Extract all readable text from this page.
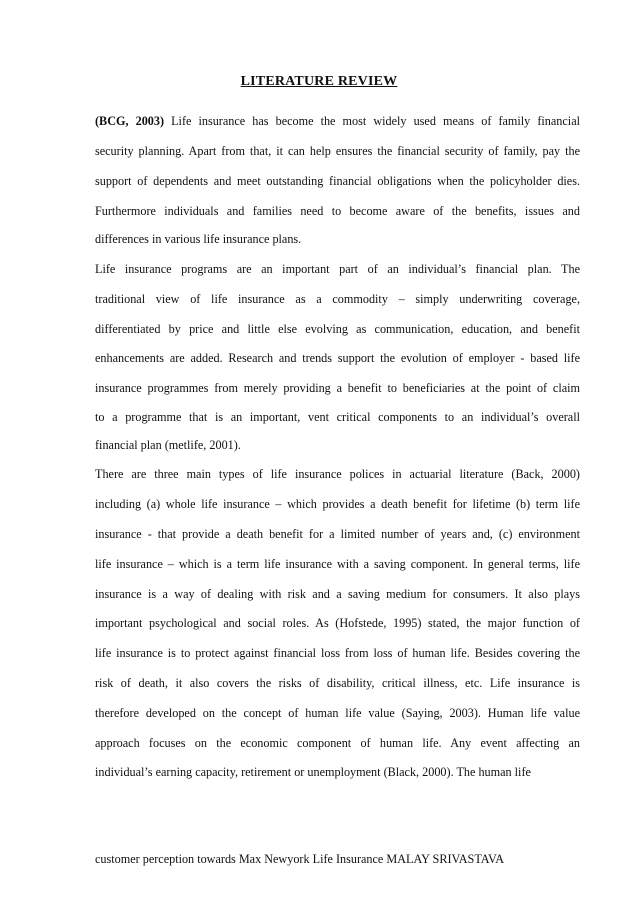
LITERATURE REVIEW
(BCG, 2003) Life insurance has become the most widely used means of family financial
security planning. Apart from that, it can help ensures the financial security of family, pay the
support of dependents and meet outstanding financial obligations when the policyholder dies.
Furthermore individuals and families need to become aware of the benefits, issues and
differences in various life insurance plans.
Life insurance programs are an important part of an individual’s financial plan. The
traditional view of life insurance as a commodity – simply underwriting coverage,
differentiated by price and little else evolving as communication, education, and benefit
enhancements are added. Research and trends support the evolution of employer - based life
insurance programmes from merely providing a benefit to beneficiaries at the point of claim
to a programme that is an important, vent critical components to an individual’s overall
financial plan (metlife, 2001).
There are three main types of life insurance polices in actuarial literature (Back, 2000)
including (a) whole life insurance – which provides a death benefit for lifetime (b) term life
insurance - that provide a death benefit for a limited number of years and, (c) environment
life insurance – which is a term life insurance with a saving component. In general terms, life
insurance is a way of dealing with risk and a saving medium for consumers. It also plays
important psychological and social roles. As (Hofstede, 1995) stated, the major function of
life insurance is to protect against financial loss from loss of human life. Besides covering the
risk of death, it also covers the risks of disability, critical illness, etc. Life insurance is
therefore developed on the concept of human life value (Saying, 2003). Human life value
approach focuses on the economic component of human life. Any event affecting an
individual’s earning capacity, retirement or unemployment (Black, 2000). The human life
customer perception towards Max Newyork Life Insurance MALAY SRIVASTAVA
